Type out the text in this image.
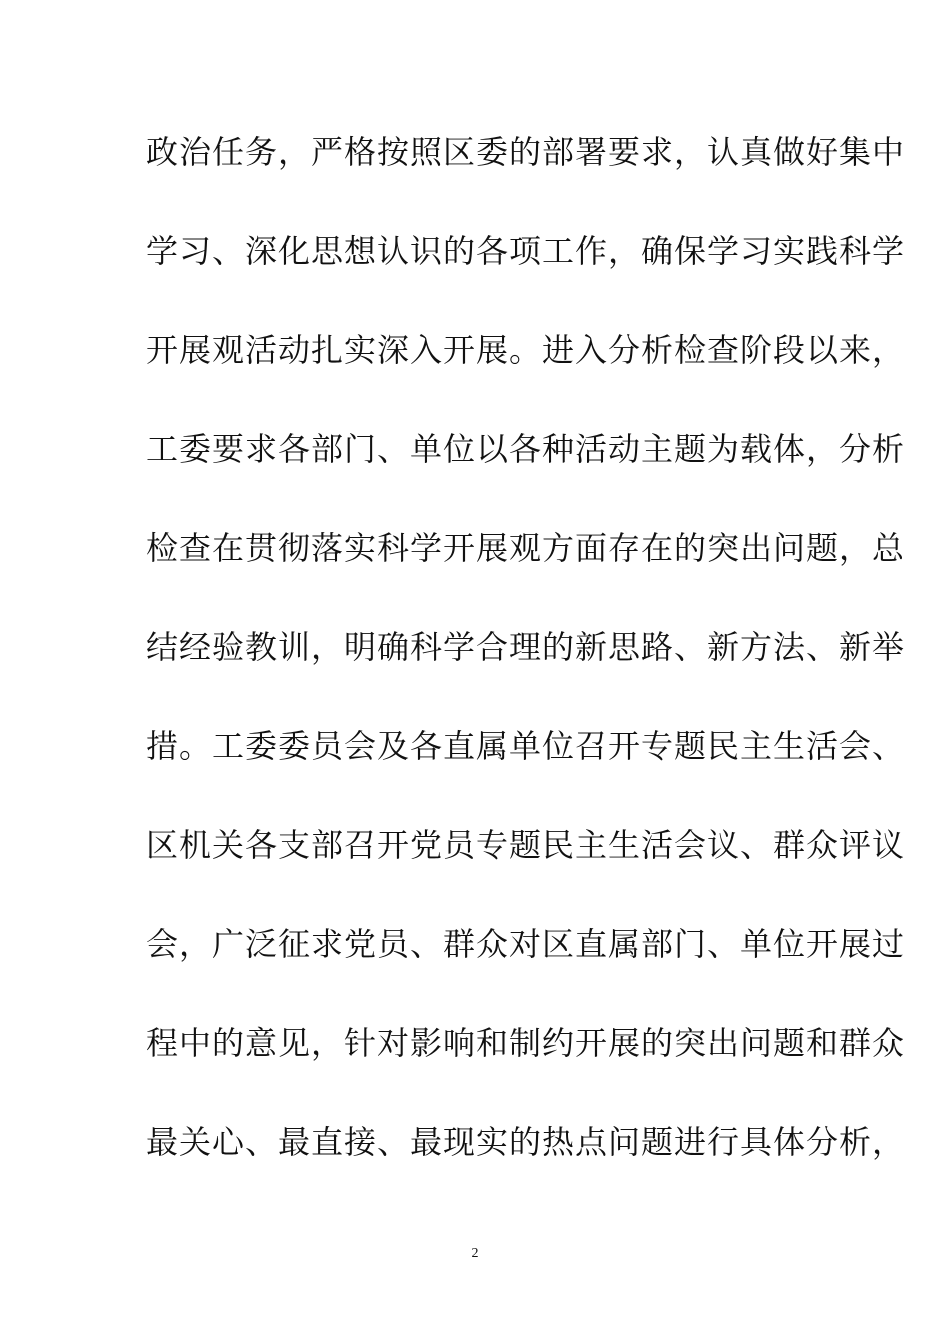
政治任务，严格按照区委的部署要求，认真做好集中
学习、深化思想认识的各项工作，确保学习实践科学
开展观活动扎实深入开展。进入分析检查阶段以来，
工委要求各部门、单位以各种活动主题为载体，分析
检查在贯彻落实科学开展观方面存在的突出问题，总
结经验教训，明确科学合理的新思路、新方法、新举
措。工委委员会及各直属单位召开专题民主生活会、
区机关各支部召开党员专题民主生活会议、群众评议
会，广泛征求党员、群众对区直属部门、单位开展过
程中的意见，针对影响和制约开展的突出问题和群众
最关心、最直接、最现实的热点问题进行具体分析，
2
